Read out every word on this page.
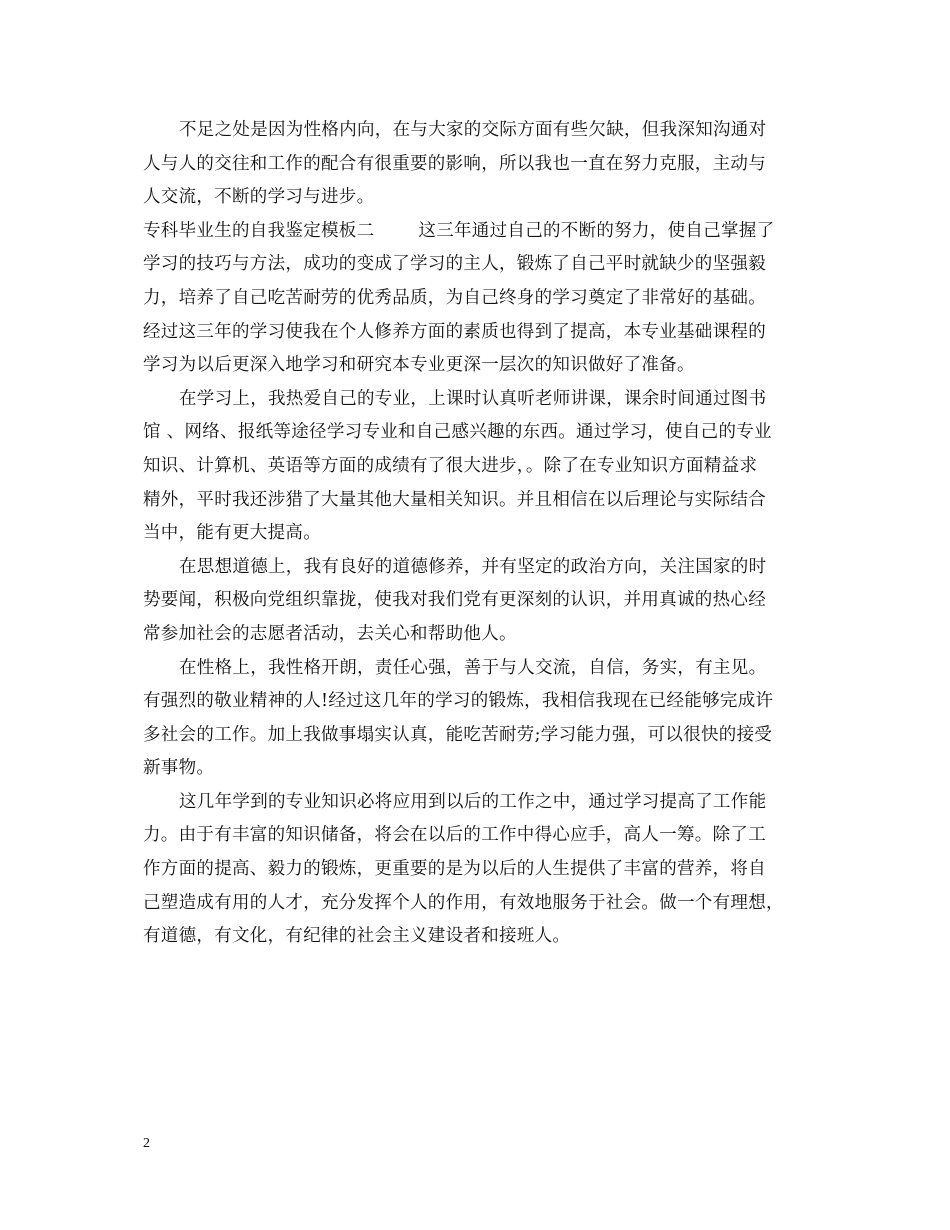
不足之处是因为性格内向，在与大家的交际方面有些欠缺，但我深知沟通对
人与人的交往和工作的配合有很重要的影响，所以我也一直在努力克服，主动与
人交流，不断的学习与进步。
专科毕业生的自我鉴定模板二	这三年通过自己的不断的努力，使自己掌握了
学习的技巧与方法，成功的变成了学习的主人，锻炼了自己平时就缺少的坚强毅
力，培养了自己吃苦耐劳的优秀品质，为自己终身的学习奠定了非常好的基础。
经过这三年的学习使我在个人修养方面的素质也得到了提高，本专业基础课程的
学习为以后更深入地学习和研究本专业更深一层次的知识做好了准备。
在学习上，我热爱自己的专业，上课时认真听老师讲课，课余时间通过图书
馆 、网络、报纸等途径学习专业和自己感兴趣的东西。通过学习，使自己的专业
知识、计算机、英语等方面的成绩有了很大进步，。除了在专业知识方面精益求
精外，平时我还涉猎了大量其他大量相关知识。并且相信在以后理论与实际结合
当中，能有更大提高。
在思想道德上，我有良好的道德修养，并有坚定的政治方向，关注国家的时
势要闻，积极向党组织靠拢，使我对我们党有更深刻的认识，并用真诚的热心经
常参加社会的志愿者活动，去关心和帮助他人。
在性格上，我性格开朗，责任心强，善于与人交流，自信，务实，有主见。
有强烈的敬业精神的人!经过这几年的学习的锻炼，我相信我现在已经能够完成许
多社会的工作。加上我做事塌实认真，能吃苦耐劳;学习能力强，可以很快的接受
新事物。
这几年学到的专业知识必将应用到以后的工作之中，通过学习提高了工作能
力。由于有丰富的知识储备，将会在以后的工作中得心应手，高人一筹。除了工
作方面的提高、毅力的锻炼，更重要的是为以后的人生提供了丰富的营养，将自
己塑造成有用的人才，充分发挥个人的作用，有效地服务于社会。做一个有理想，
有道德，有文化，有纪律的社会主义建设者和接班人。
2
